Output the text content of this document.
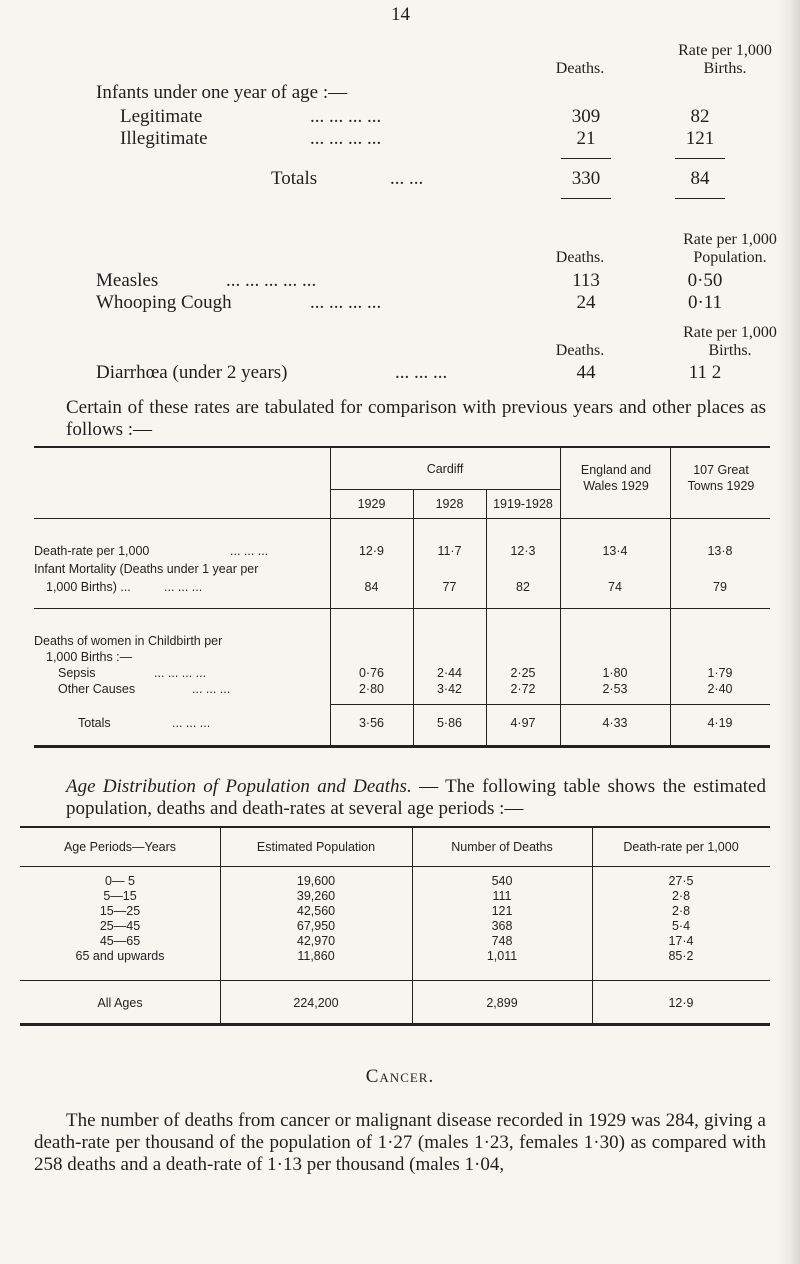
14
Deaths.
Rate per 1,000
Births.
Infants under one year of age :—
Legitimate	... ... ... ...	309	82
Illegitimate	... ... ... ...	21	121
Totals	... ...	330	84
Rate per 1,000
Deaths.	Population.
Measles	... ... ... ... ...	113	0·50
Whooping Cough	... ... ... ...	24	0·11
Rate per 1,000
Deaths.	Births.
Diarrhœa (under 2 years)	... ... ...	44	11 2
Certain of these rates are tabulated for comparison with previous years and other places as follows :—
Cardiff
1929	1928	1919-1928
England and Wales 1929
107 Great Towns 1929
Death-rate per 1,000	... ... ...	12·9	11·7	12·3	13·4	13·8
Infant Mortality (Deaths under 1 year per
1,000 Births) ...	... ... ...	84	77	82	74	79
Deaths of women in Childbirth per
1,000 Births :—
Sepsis	... ... ... ...	0·76	2·44	2·25	1·80	1·79
Other Causes	... ... ...	2·80	3·42	2·72	2·53	2·40
Totals	... ... ...	3·56	5·86	4·97	4·33	4·19
Age Distribution of Population and Deaths. — The following table shows the estimated population, deaths and death-rates at several age periods :—
Age Periods—Years	Estimated Population	Number of Deaths	Death-rate per 1,000
0— 5	19,600	540	27·5
5—15	39,260	111	2·8
15—25	42,560	121	2·8
25—45	67,950	368	5·4
45—65	42,970	748	17·4
65 and upwards	11,860	1,011	85·2
All Ages	224,200	2,899	12·9
Cancer.
The number of deaths from cancer or malignant disease recorded in 1929 was 284, giving a death-rate per thousand of the population of 1·27 (males 1·23, females 1·30) as compared with 258 deaths and a death-rate of 1·13 per thousand (males 1·04,
